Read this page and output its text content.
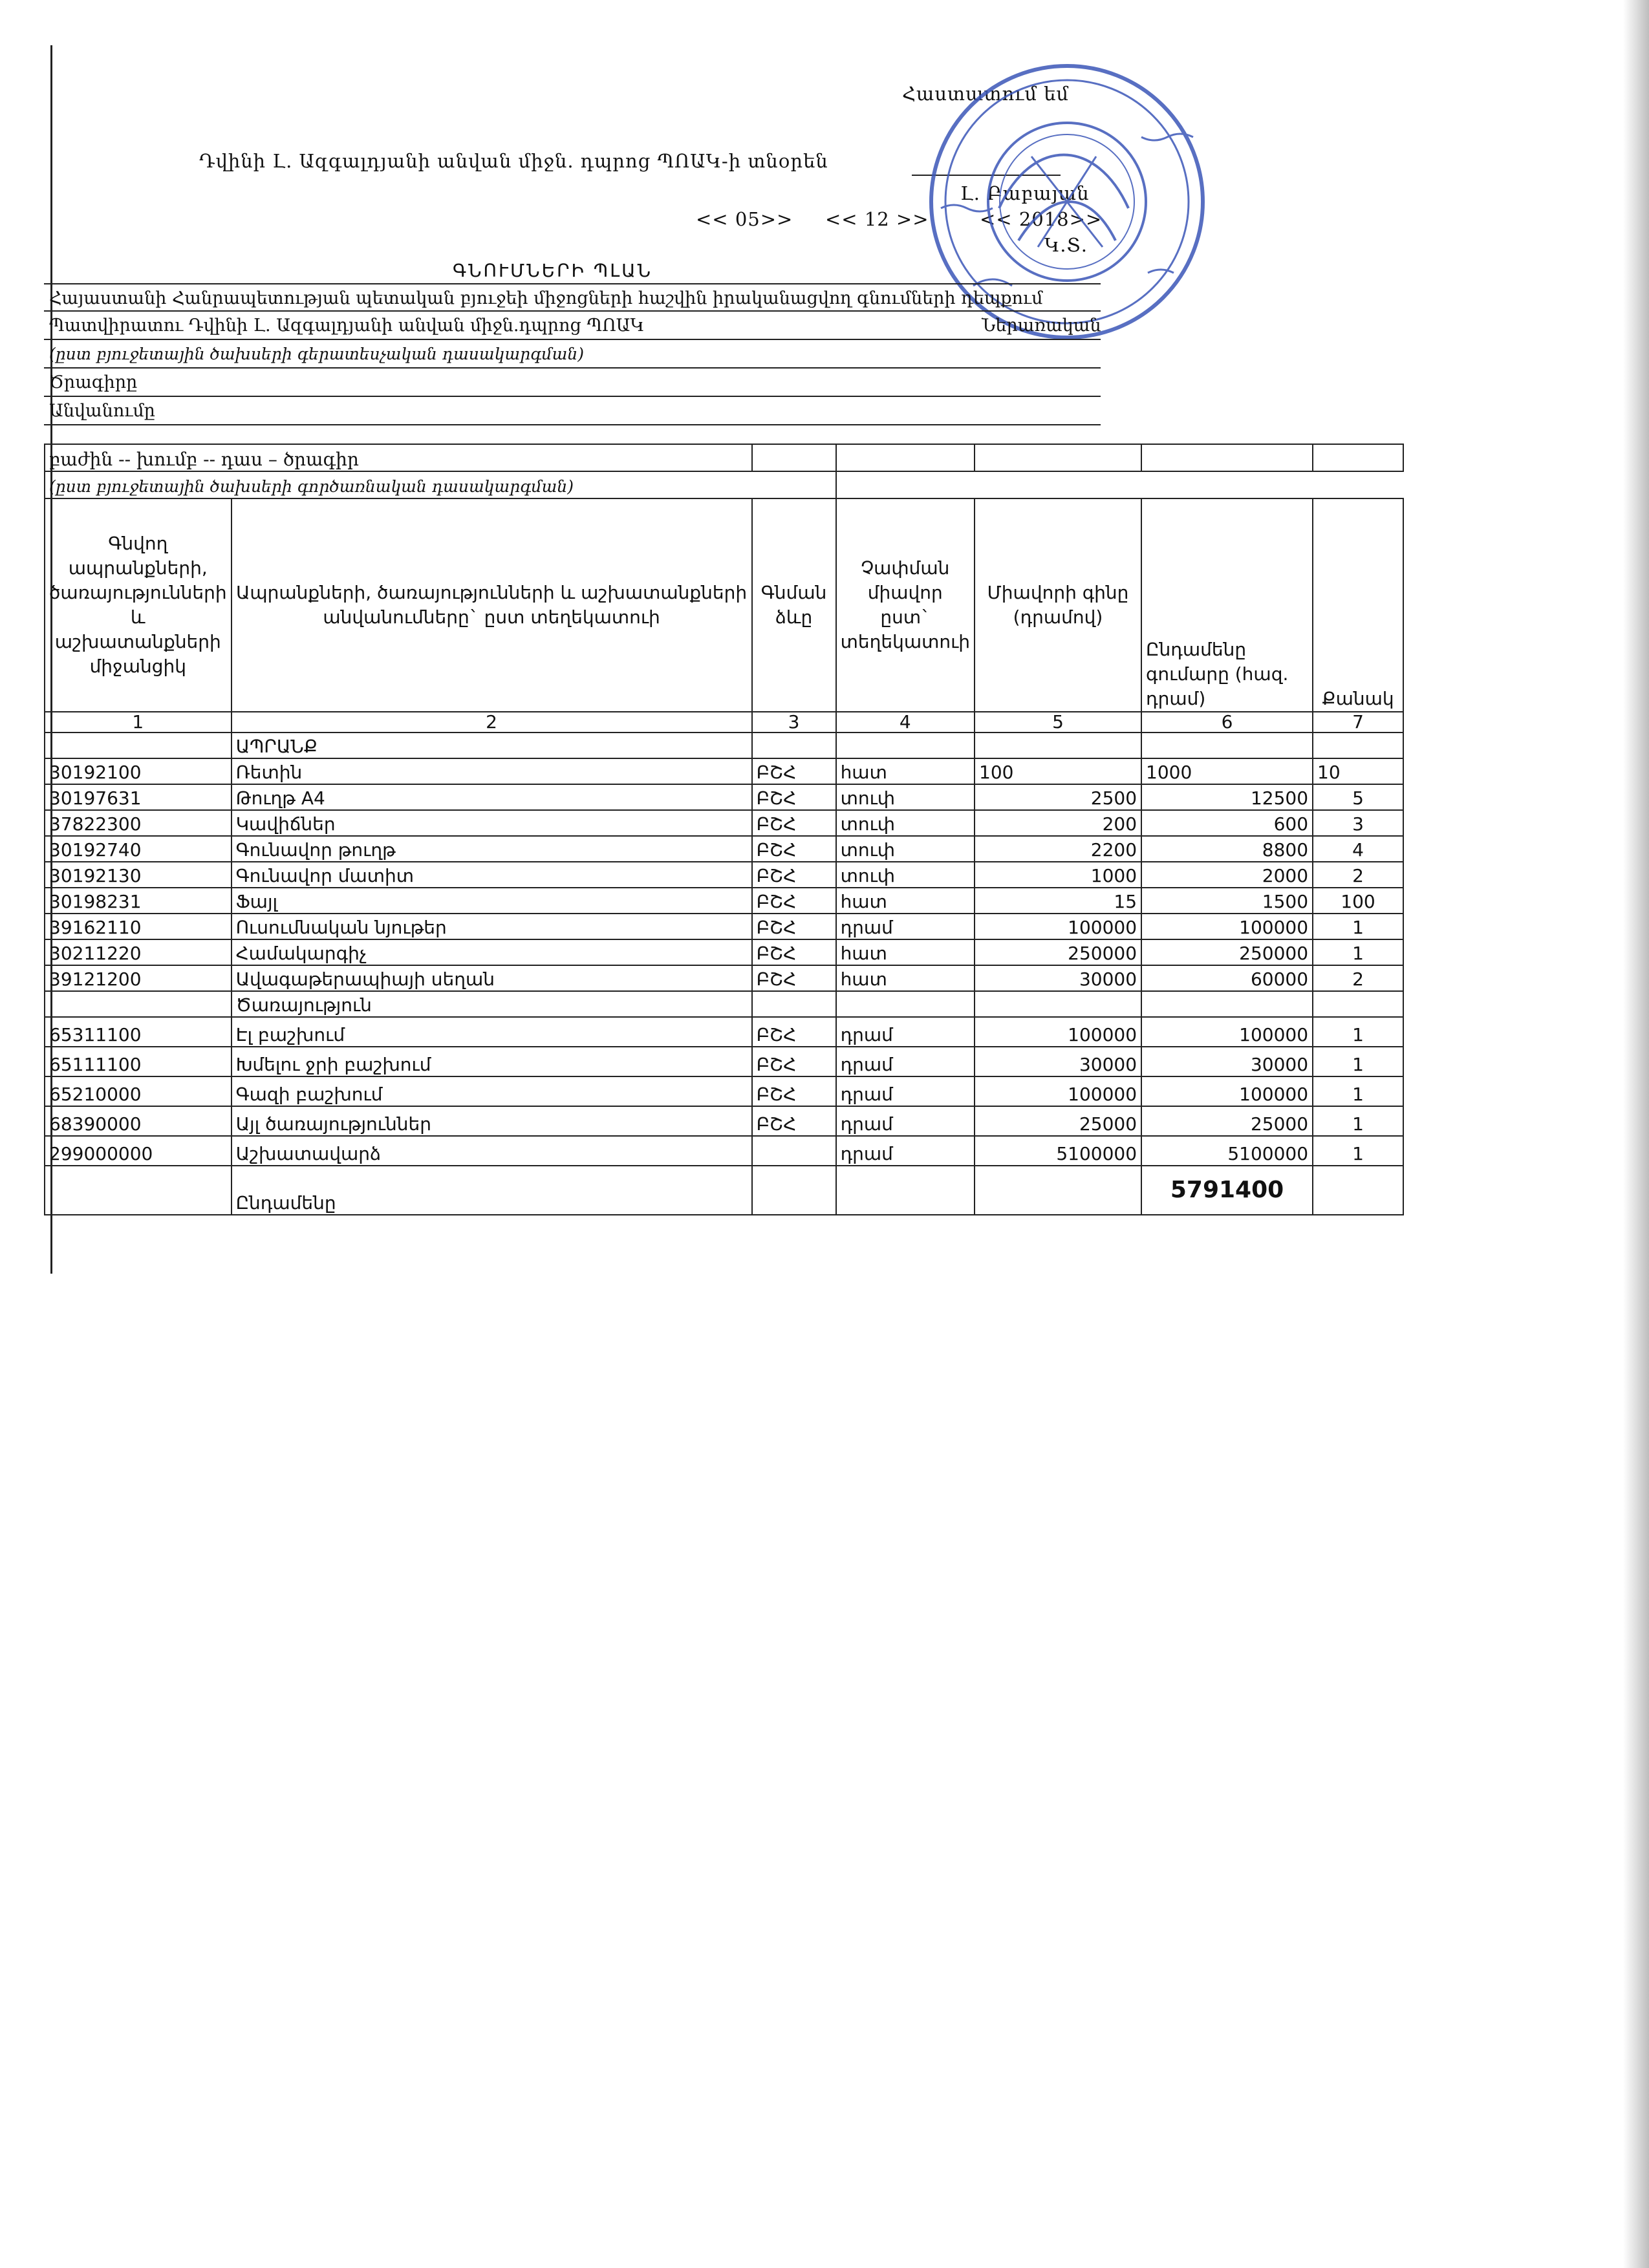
Հաստատում եմ
Դվինի Լ. Ազգալդյանի անվան միջն. դպրոց ՊՈԱԿ-ի տնօրեն
Լ. Բաբայան
<< 05>> << 12 >>	<< 2018>>
Կ.Տ.
ԳՆՈՒՄՆԵՐԻ ՊԼԱՆ
Հայաստանի Հանրապետության պետական բյուջեի միջոցների հաշվին իրականացվող գնումների դեպքում
Պատվիրատու Դվինի Լ. Ազգալդյանի անվան միջն.դպրոց ՊՈԱԿ	Ներառական
(ըստ բյուջետային ծախսերի գերատեսչական դասակարգման)
Ծրագիրը
Անվանումը
բաժին -- խումբ -- դաս – ծրագիր						
(ըստ բյուջետային ծախսերի գործառնական դասակարգման)						
Գնվող ապրանքների, ծառայությունների և աշխատանքների միջանցիկ	Ապրանքների, ծառայությունների և աշխատանքների անվանումները` ըստ տեղեկատուի	Գնման ձևը	Չափման միավոր ըստ` տեղեկատուի	Միավորի գինը (դրամով)	Ընդամենը գումարը (հազ. դրամ)	Քանակ
1	2	3	4	5	6	7
	ԱՊՐԱՆՔ					
30192100	Ռետին	ԲՇՀ	հատ	100	1000	10
30197631	Թուղթ A4	ԲՇՀ	տուփ	2500	12500	5
37822300	Կավիճներ	ԲՇՀ	տուփ	200	600	3
30192740	Գունավոր թուղթ	ԲՇՀ	տուփ	2200	8800	4
30192130	Գունավոր մատիտ	ԲՇՀ	տուփ	1000	2000	2
30198231	Ֆայլ	ԲՇՀ	հատ	15	1500	100
39162110	Ուսումնական նյութեր	ԲՇՀ	դրամ	100000	100000	1
30211220	Համակարգիչ	ԲՇՀ	հատ	250000	250000	1
39121200	Ավագաթերապիայի սեղան	ԲՇՀ	հատ	30000	60000	2
	Ծառայություն					
65311100	Էլ բաշխում	ԲՇՀ	դրամ	100000	100000	1
65111100	Խմելու ջրի բաշխում	ԲՇՀ	դրամ	30000	30000	1
65210000	Գազի բաշխում	ԲՇՀ	դրամ	100000	100000	1
68390000	Այլ ծառայություններ	ԲՇՀ	դրամ	25000	25000	1
299000000	Աշխատավարձ		դրամ	5100000	5100000	1
	Ընդամենը				5791400	
